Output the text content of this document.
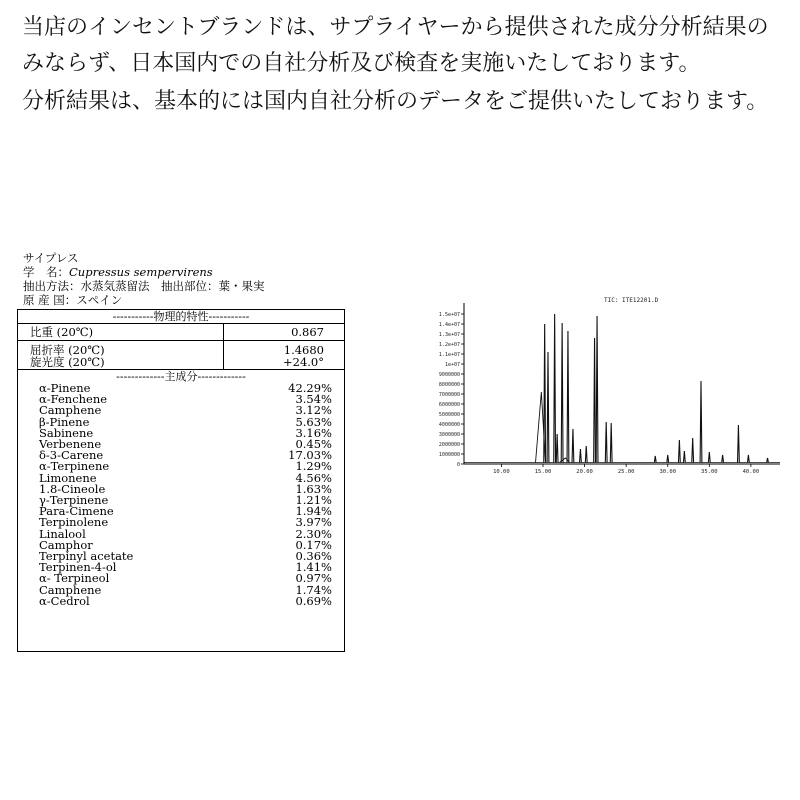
当店のインセントブランドは、サプライヤーから提供された成分分析結果のみならず、日本国内での自社分析及び検査を実施いたしております。

分析結果は、基本的には国内自社分析のデータをご提供いたしております。

サイプレス
学　名：Cupressus sempervirens
抽出方法：水蒸気蒸留法　抽出部位：葉・果実
原 産 国：スペイン
-----------物理的特性-----------
比重 (20℃)	0.867
屈折率 (20℃)	1.4680
旋光度 (20℃)	+24.0°
-------------主成分-------------
α-Pinene	42.29%
α-Fenchene	3.54%
Camphene	3.12%
β-Pinene	5.63%
Sabinene	3.16%
Verbenene	0.45%
δ-3-Carene	17.03%
α-Terpinene	1.29%
Limonene	4.56%
1.8-Cineole	1.63%
γ-Terpinene	1.21%
Para-Cimene	1.94%
Terpinolene	3.97%
Linalool	2.30%
Camphor	0.17%
Terpinyl acetate	0.36%
Terpinen-4-ol	1.41%
α- Terpineol	0.97%
Camphene	1.74%
α-Cedrol	0.69%
1.5e+07
1.4e+07
1.3e+07
1.2e+07
1.1e+07
1e+07
9000000
8000000
7000000
6000000
5000000
4000000
3000000
2000000
1000000
0
10.00	15.00	20.00	25.00	30.00	35.00	40.00
TIC: ITE12201.D
